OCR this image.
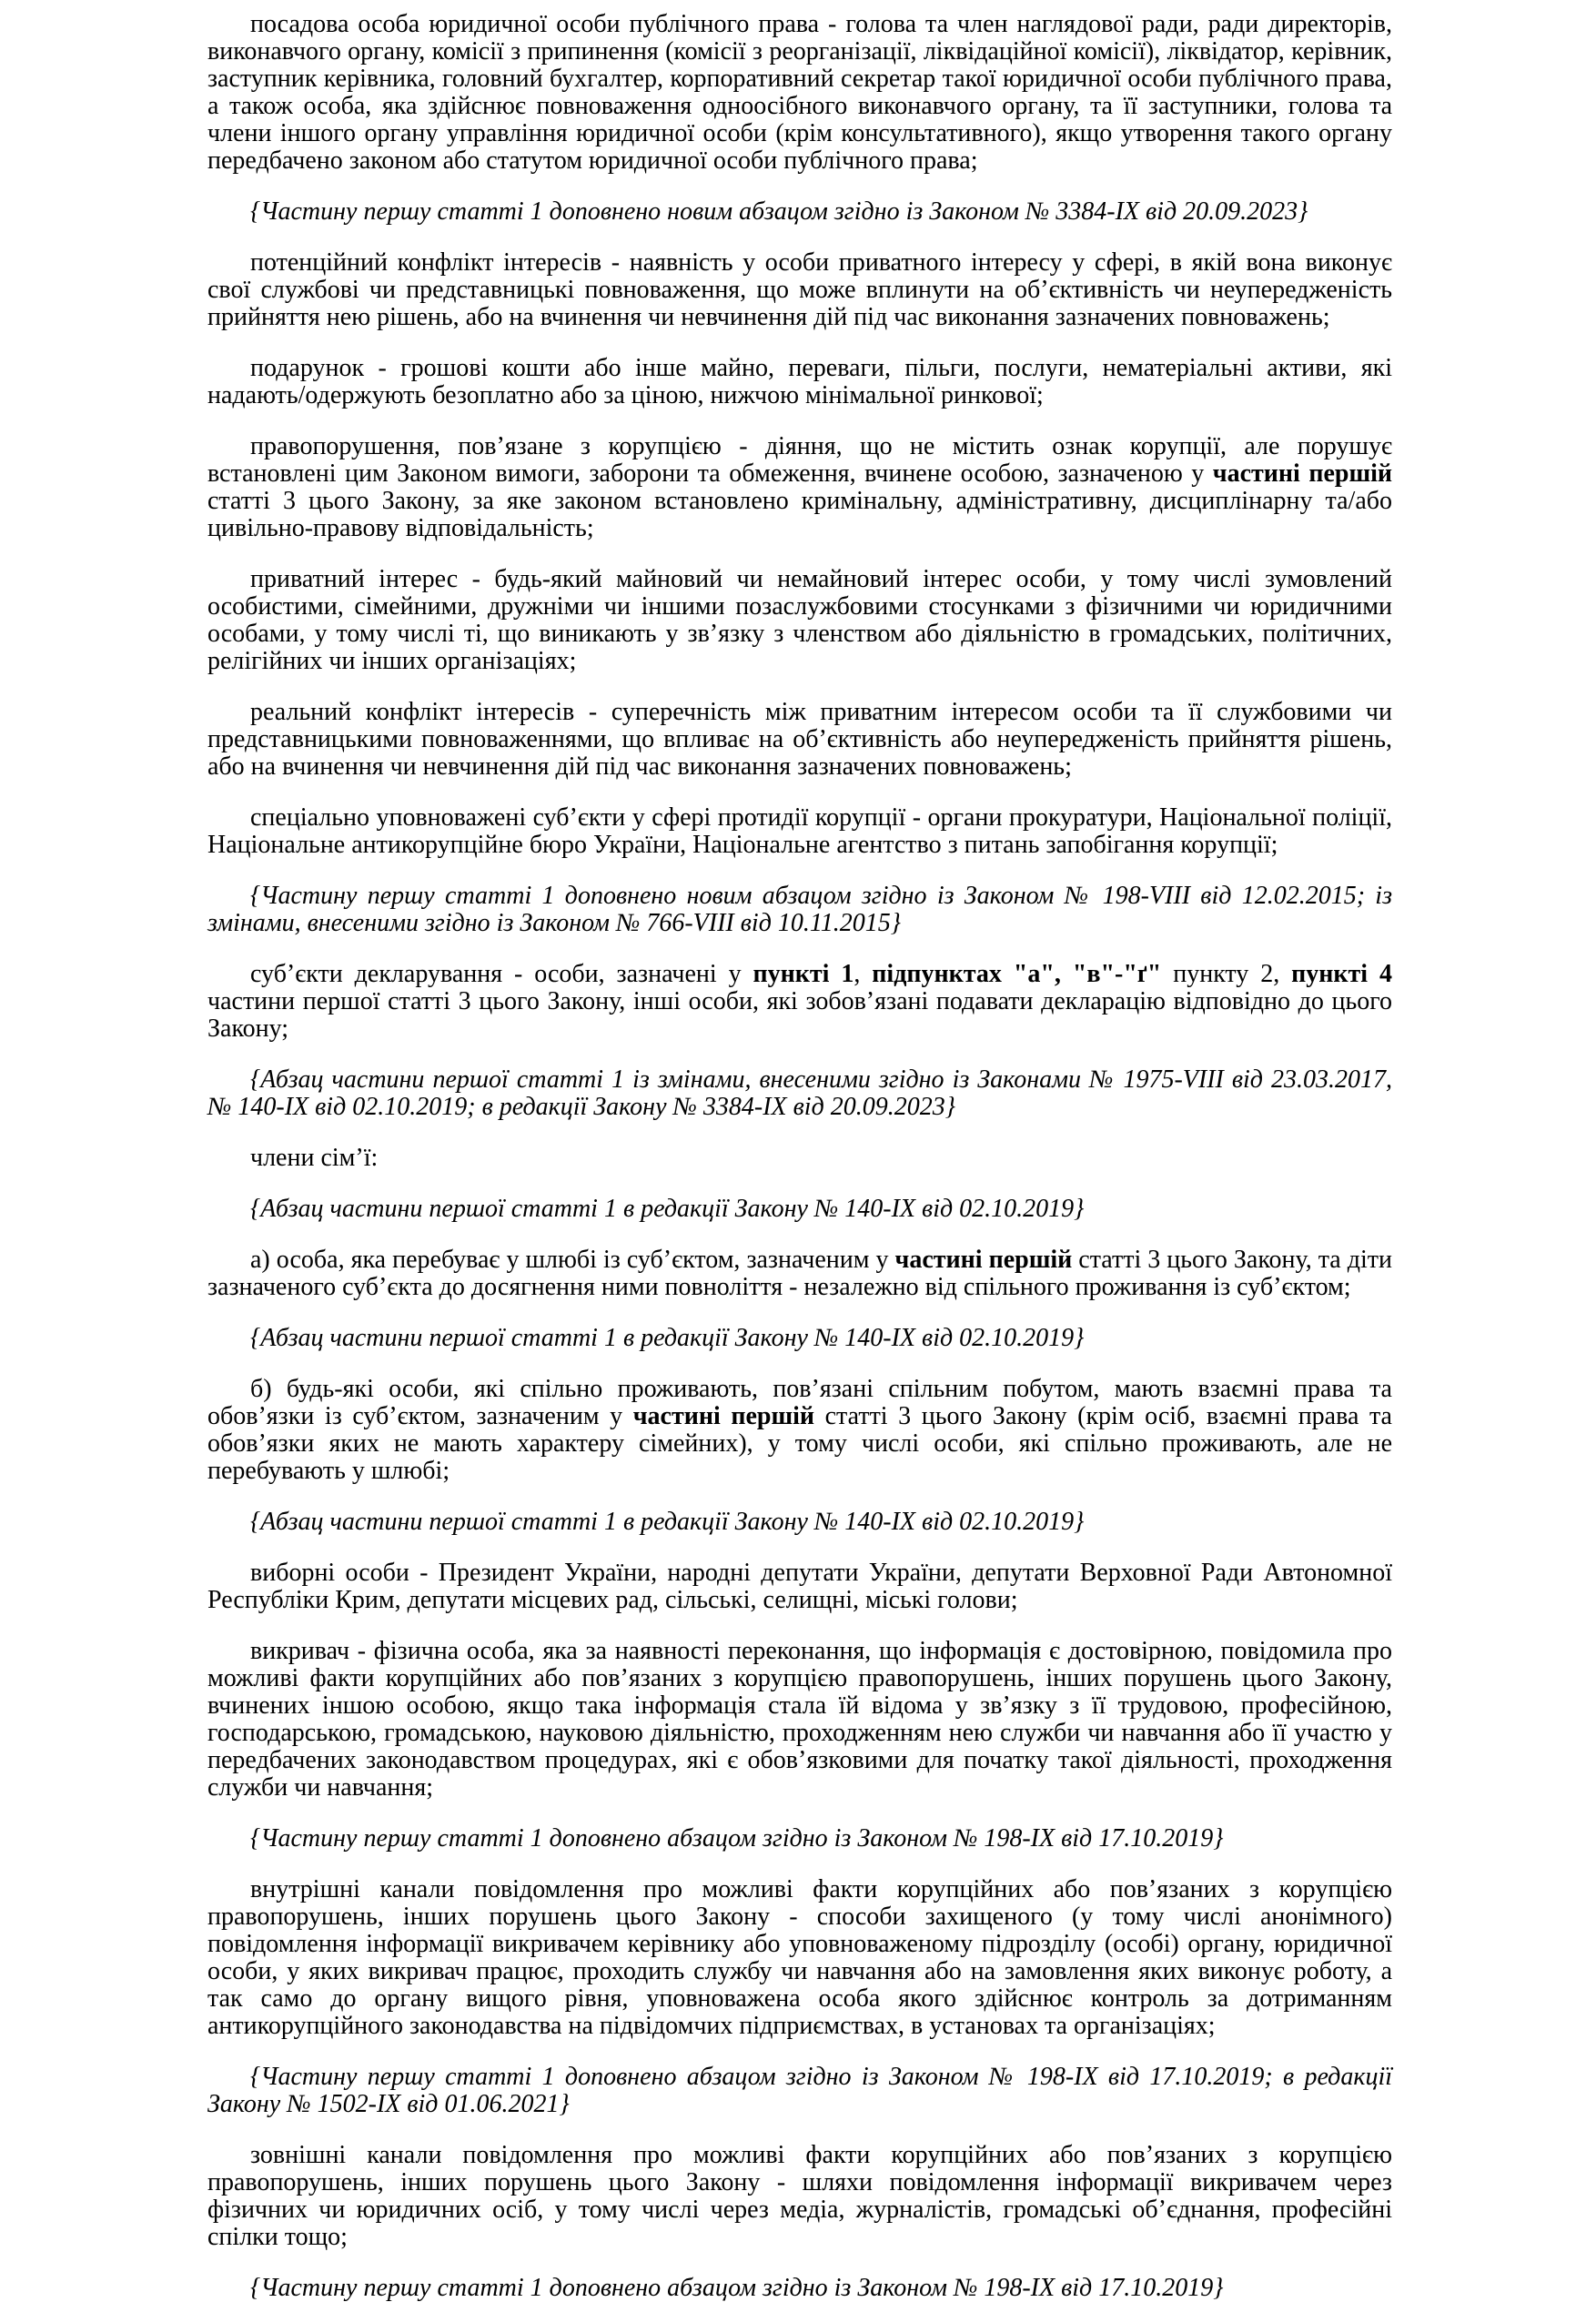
посадова особа юридичної особи публічного права - голова та член наглядової ради, ради директорів, виконавчого органу, комісії з припинення (комісії з реорганізації, ліквідаційної комісії), ліквідатор, керівник, заступник керівника, головний бухгалтер, корпоративний секретар такої юридичної особи публічного права, а також особа, яка здійснює повноваження одноосібного виконавчого органу, та її заступники, голова та члени іншого органу управління юридичної особи (крім консультативного), якщо утворення такого органу передбачено законом або статутом юридичної особи публічного права;

{Частину першу статті 1 доповнено новим абзацом згідно із Законом № 3384-IX від 20.09.2023}

потенційний конфлікт інтересів - наявність у особи приватного інтересу у сфері, в якій вона виконує свої службові чи представницькі повноваження, що може вплинути на об’єктивність чи неупередженість прийняття нею рішень, або на вчинення чи невчинення дій під час виконання зазначених повноважень;

подарунок - грошові кошти або інше майно, переваги, пільги, послуги, нематеріальні активи, які надають/одержують безоплатно або за ціною, нижчою мінімальної ринкової;

правопорушення, пов’язане з корупцією - діяння, що не містить ознак корупції, але порушує встановлені цим Законом вимоги, заборони та обмеження, вчинене особою, зазначеною у частині першій статті 3 цього Закону, за яке законом встановлено кримінальну, адміністративну, дисциплінарну та/або цивільно-правову відповідальність;

приватний інтерес - будь-який майновий чи немайновий інтерес особи, у тому числі зумовлений особистими, сімейними, дружніми чи іншими позаслужбовими стосунками з фізичними чи юридичними особами, у тому числі ті, що виникають у зв’язку з членством або діяльністю в громадських, політичних, релігійних чи інших організаціях;

реальний конфлікт інтересів - суперечність між приватним інтересом особи та її службовими чи представницькими повноваженнями, що впливає на об’єктивність або неупередженість прийняття рішень, або на вчинення чи невчинення дій під час виконання зазначених повноважень;

спеціально уповноважені суб’єкти у сфері протидії корупції - органи прокуратури, Національної поліції, Національне антикорупційне бюро України, Національне агентство з питань запобігання корупції;

{Частину першу статті 1 доповнено новим абзацом згідно із Законом № 198-VIII від 12.02.2015; із змінами, внесеними згідно із Законом № 766-VIII від 10.11.2015}

суб’єкти декларування - особи, зазначені у пункті 1, підпунктах "а", "в"-"ґ" пункту 2, пункті 4 частини першої статті 3 цього Закону, інші особи, які зобов’язані подавати декларацію відповідно до цього Закону;

{Абзац частини першої статті 1 із змінами, внесеними згідно із Законами № 1975-VIII від 23.03.2017, № 140-IX від 02.10.2019; в редакції Закону № 3384-IX від 20.09.2023}

члени сім’ї:

{Абзац частини першої статті 1 в редакції Закону № 140-IX від 02.10.2019}

а) особа, яка перебуває у шлюбі із суб’єктом, зазначеним у частині першій статті 3 цього Закону, та діти зазначеного суб’єкта до досягнення ними повноліття - незалежно від спільного проживання із суб’єктом;

{Абзац частини першої статті 1 в редакції Закону № 140-IX від 02.10.2019}

б) будь-які особи, які спільно проживають, пов’язані спільним побутом, мають взаємні права та обов’язки із суб’єктом, зазначеним у частині першій статті 3 цього Закону (крім осіб, взаємні права та обов’язки яких не мають характеру сімейних), у тому числі особи, які спільно проживають, але не перебувають у шлюбі;

{Абзац частини першої статті 1 в редакції Закону № 140-IX від 02.10.2019}

виборні особи - Президент України, народні депутати України, депутати Верховної Ради Автономної Республіки Крим, депутати місцевих рад, сільські, селищні, міські голови;

викривач - фізична особа, яка за наявності переконання, що інформація є достовірною, повідомила про можливі факти корупційних або пов’язаних з корупцією правопорушень, інших порушень цього Закону, вчинених іншою особою, якщо така інформація стала їй відома у зв’язку з її трудовою, професійною, господарською, громадською, науковою діяльністю, проходженням нею служби чи навчання або її участю у передбачених законодавством процедурах, які є обов’язковими для початку такої діяльності, проходження служби чи навчання;

{Частину першу статті 1 доповнено абзацом згідно із Законом № 198-IX від 17.10.2019}

внутрішні канали повідомлення про можливі факти корупційних або пов’язаних з корупцією правопорушень, інших порушень цього Закону - способи захищеного (у тому числі анонімного) повідомлення інформації викривачем керівнику або уповноваженому підрозділу (особі) органу, юридичної особи, у яких викривач працює, проходить службу чи навчання або на замовлення яких виконує роботу, а так само до органу вищого рівня, уповноважена особа якого здійснює контроль за дотриманням антикорупційного законодавства на підвідомчих підприємствах, в установах та організаціях;

{Частину першу статті 1 доповнено абзацом згідно із Законом № 198-IX від 17.10.2019; в редакції Закону № 1502-IX від 01.06.2021}

зовнішні канали повідомлення про можливі факти корупційних або пов’язаних з корупцією правопорушень, інших порушень цього Закону - шляхи повідомлення інформації викривачем через фізичних чи юридичних осіб, у тому числі через медіа, журналістів, громадські об’єднання, професійні спілки тощо;

{Частину першу статті 1 доповнено абзацом згідно із Законом № 198-IX від 17.10.2019}
